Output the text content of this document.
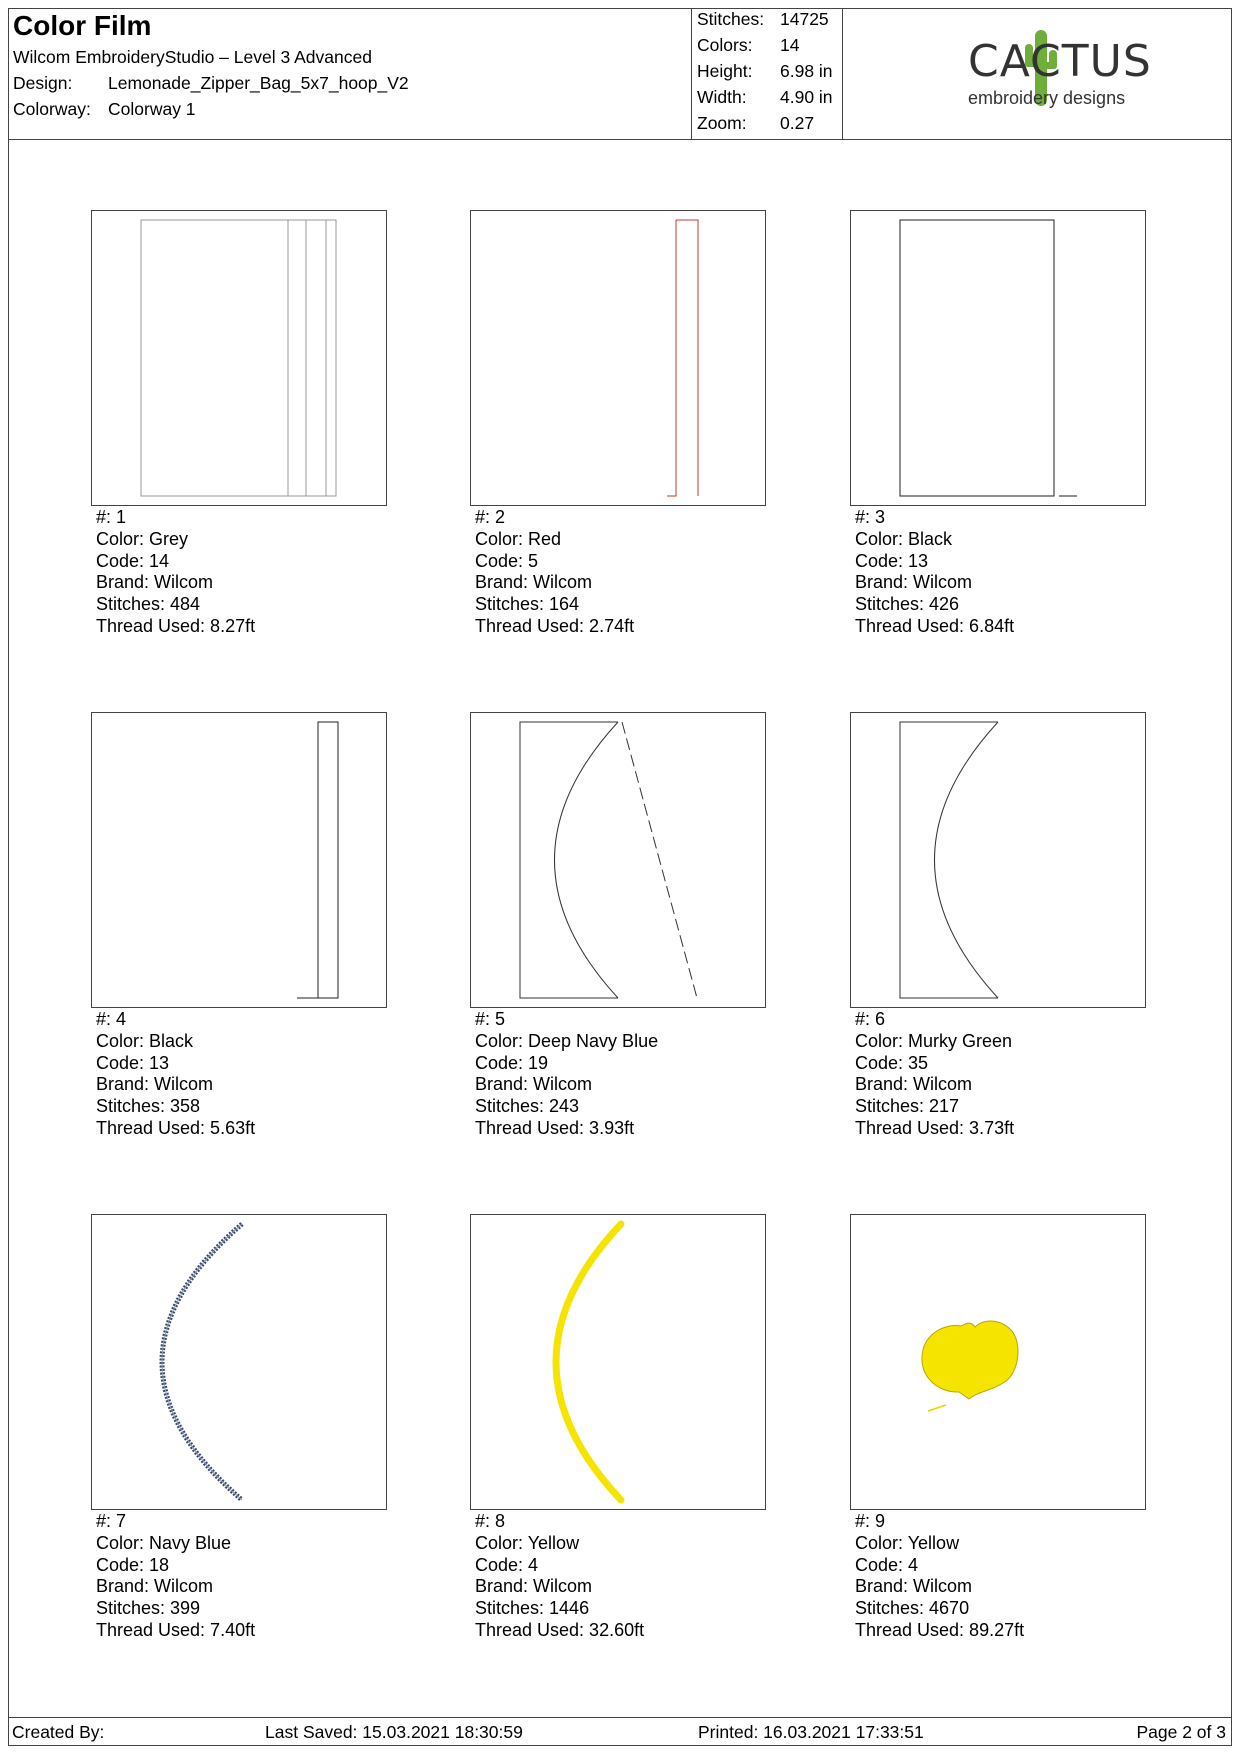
Color Film
Wilcom EmbroideryStudio – Level 3 Advanced
Design: Lemonade_Zipper_Bag_5x7_hoop_V2
Colorway: Colorway 1
Stitches: 14725
Colors: 14
Height: 6.98 in
Width: 4.90 in
Zoom: 0.27
CACTUS
embroidery designs
#: 1
Color: Grey
Code: 14
Brand: Wilcom
Stitches: 484
Thread Used: 8.27ft
#: 2
Color: Red
Code: 5
Brand: Wilcom
Stitches: 164
Thread Used: 2.74ft
#: 3
Color: Black
Code: 13
Brand: Wilcom
Stitches: 426
Thread Used: 6.84ft
#: 4
Color: Black
Code: 13
Brand: Wilcom
Stitches: 358
Thread Used: 5.63ft
#: 5
Color: Deep Navy Blue
Code: 19
Brand: Wilcom
Stitches: 243
Thread Used: 3.93ft
#: 6
Color: Murky Green
Code: 35
Brand: Wilcom
Stitches: 217
Thread Used: 3.73ft
#: 7
Color: Navy Blue
Code: 18
Brand: Wilcom
Stitches: 399
Thread Used: 7.40ft
#: 8
Color: Yellow
Code: 4
Brand: Wilcom
Stitches: 1446
Thread Used: 32.60ft
#: 9
Color: Yellow
Code: 4
Brand: Wilcom
Stitches: 4670
Thread Used: 89.27ft
Created By:	Last Saved: 15.03.2021 18:30:59	Printed: 16.03.2021 17:33:51	Page 2 of 3
